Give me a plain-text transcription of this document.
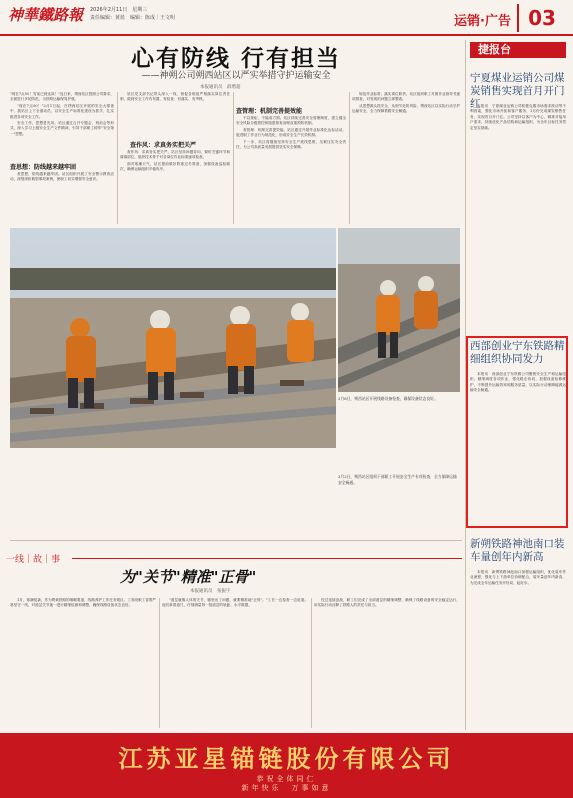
神華鐵路報 2026年2月11日　星期三
责任编辑：黄蓝　编辑：陈成｜王文明	运销·广告 03
心有防线 行有担当
——神朔公司朔西站区以严实举措守护运输安全
本报通讯员　薛增超

"现在7点50！雪前已到达岗！"连日来，朔西站区按照公司要求，全面进行多轮防范，为铁路运输保驾护航。

"现在7点50！"2月1日起，在朔西站区开展的安全大排查中，我站区上下全面动员，以安全生产标准化建设为抓手，扎实推进各项安全工作。

安全工作，思想是先导。站区通过召开专题会、班前会等形式，深入学习上级安全生产文件精神，引导干部职工树牢"安全第一"思想。

查思想：防线越来越牢固

查思想，防线越来越牢固。站区组织开展了安全警示教育活动，深刻剖析典型事故案例，使职工切实增强安全意识。

站区党支部书记带头深入一线，督促各班组严格落实岗位责任制，做到安全工作有布置、有检查、有落实、有考核。

查作风：求真务实把关严

查作风：求真务实把关严。站区坚持问题导向，紧盯关键环节和薄弱部位，组织技术骨干对各岗位作业标准逐项检查。

面对寒潮天气，站区提前做好防寒过冬准备，加强设备巡检频次，确保运输组织平稳有序。

查管理：机制完善提效能

不以规矩，不能成方圆。站区持续完善安全管理制度，建立健全安全风险分级管控和隐患排查治理双重预防机制。

查管理：机制完善提效能。站区通过开展作业标准化达标活动，促进职工作业行为规范化，形成安全生产长效机制。

下一步，站区将继续坚持安全生产底线思维，压紧压实安全责任，为公司高质量发展提供坚实安全保障。

规范作业标准，落实岗位职责。站区组织职工对照作业指导书逐项排查，对发现的问题立即整改。

从思想源头抓安全，从细节处防风险，朔西站区以实际行动守护运输安全，全力保障铁路安全畅通。

2月6日，朔西站区开展线路设备检查，确保设备状态良好。
2月2日，朔西站区组织干部职工开展安全生产专项检查，全力保障运输安全畅通。
捷报台
宁夏煤业运销公司煤炭销售实现首月开门红

本报讯　宁夏煤业运销公司积极克服市场需求波动等不利因素，强化市场开拓和客户服务，1月份完成煤炭销售任务，实现首月开门红。公司坚持以客户为中心，精准对接用户需求，持续优化产品结构和运输组织，为全年目标任务奠定坚实基础。

西部创业宁东铁路精细组织协同发力

本报讯　西部创业宁东铁路公司聚焦安全生产和运输组织，精细调度各项作业，强化路企协同，加强设备检修维护，不断提升运输效率和服务质量，以实际行动保障能源运输安全畅通。

新朔铁路神池南口装车量创年内新高

本报讯　新朔铁路神池南口加强运输组织，优化装车作业流程，强化与上下游单位协调配合，装车量创年内新高，为完成全年运输任务开好局、起好步。

一线｜故｜事
为"关节"精准"正骨"
本报通讯员　张振宇

1月，寒潮侵袭。作为朔黄铁路的咽喉要道，线路养护工作任务艰巨。工务段职工冒着严寒坚守一线，对道岔关节逐一进行精细检测和调整，确保线路设备状态良好。

"道岔就像人体的关节，哪里出了问题，就要精准地"正骨"。"工长一边检查一边说道。他们拿着道尺，仔细测量每一组道岔的轨距、水平数据。

经过连续奋战，职工们完成了全部道岔的精细调整，确保了线路设备的安全稳定运行，用实际行动诠释了铁路人的责任与担当。

江苏亚星锚链股份有限公司
恭祝全体同仁
新年快乐　万事如意
